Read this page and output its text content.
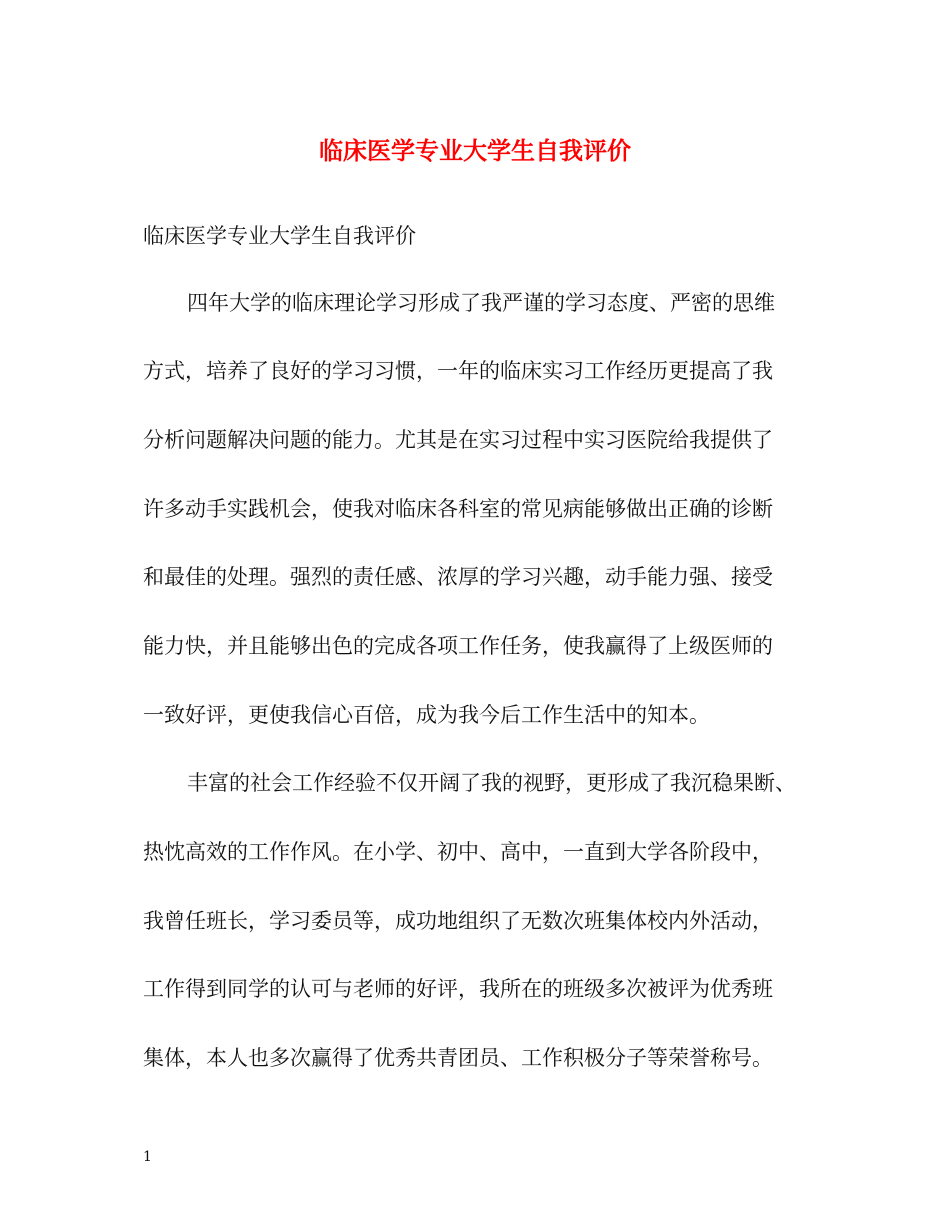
临床医学专业大学生自我评价
临床医学专业大学生自我评价
四年大学的临床理论学习形成了我严谨的学习态度、严密的思维
方式，培养了良好的学习习惯，一年的临床实习工作经历更提高了我
分析问题解决问题的能力。尤其是在实习过程中实习医院给我提供了
许多动手实践机会，使我对临床各科室的常见病能够做出正确的诊断
和最佳的处理。强烈的责任感、浓厚的学习兴趣，动手能力强、接受
能力快，并且能够出色的完成各项工作任务，使我赢得了上级医师的
一致好评，更使我信心百倍，成为我今后工作生活中的知本。
丰富的社会工作经验不仅开阔了我的视野，更形成了我沉稳果断、
热忱高效的工作作风。在小学、初中、高中，一直到大学各阶段中，
我曾任班长，学习委员等，成功地组织了无数次班集体校内外活动，
工作得到同学的认可与老师的好评，我所在的班级多次被评为优秀班
集体，本人也多次赢得了优秀共青团员、工作积极分子等荣誉称号。
1
